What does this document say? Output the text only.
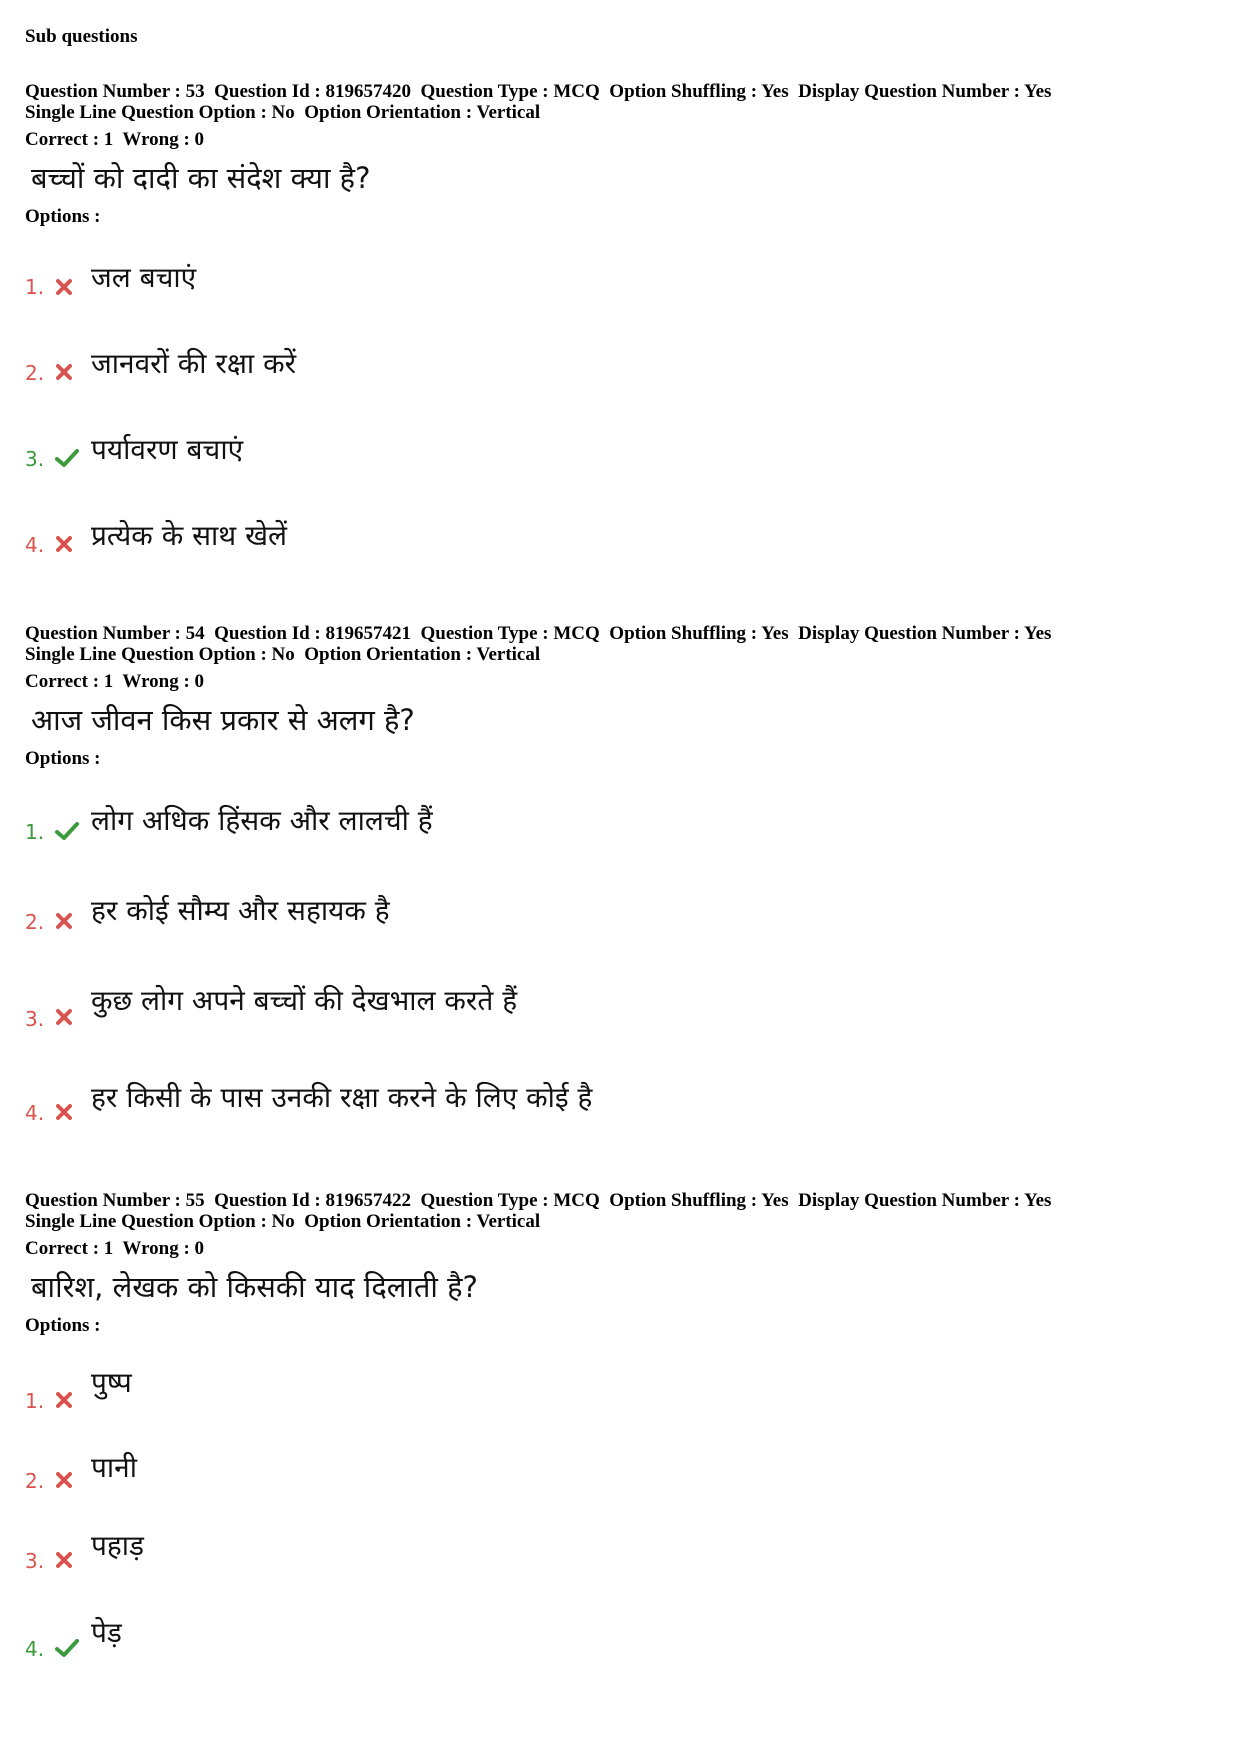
Sub questions
Question Number : 53  Question Id : 819657420  Question Type : MCQ  Option Shuffling : Yes  Display Question Number : Yes
Single Line Question Option : No  Option Orientation : Vertical
Correct : 1  Wrong : 0
बच्चों को दादी का संदेश क्या है?
Options :
1. जल बचाएं
2. जानवरों की रक्षा करें
3. पर्यावरण बचाएं
4. प्रत्येक के साथ खेलें
Question Number : 54  Question Id : 819657421  Question Type : MCQ  Option Shuffling : Yes  Display Question Number : Yes
Single Line Question Option : No  Option Orientation : Vertical
Correct : 1  Wrong : 0
आज जीवन किस प्रकार से अलग है?
Options :
1. लोग अधिक हिंसक और लालची हैं
2. हर कोई सौम्य और सहायक है
3.
कुछ लोग अपने बच्चों की देखभाल करते हैं
4. हर किसी के पास उनकी रक्षा करने के लिए कोई है
Question Number : 55  Question Id : 819657422  Question Type : MCQ  Option Shuffling : Yes  Display Question Number : Yes
Single Line Question Option : No  Option Orientation : Vertical
Correct : 1  Wrong : 0
बारिश, लेखक को किसकी याद दिलाती है?
Options :
1.
पुष्प
2. पानी
3. पहाड़
4. पेड़
